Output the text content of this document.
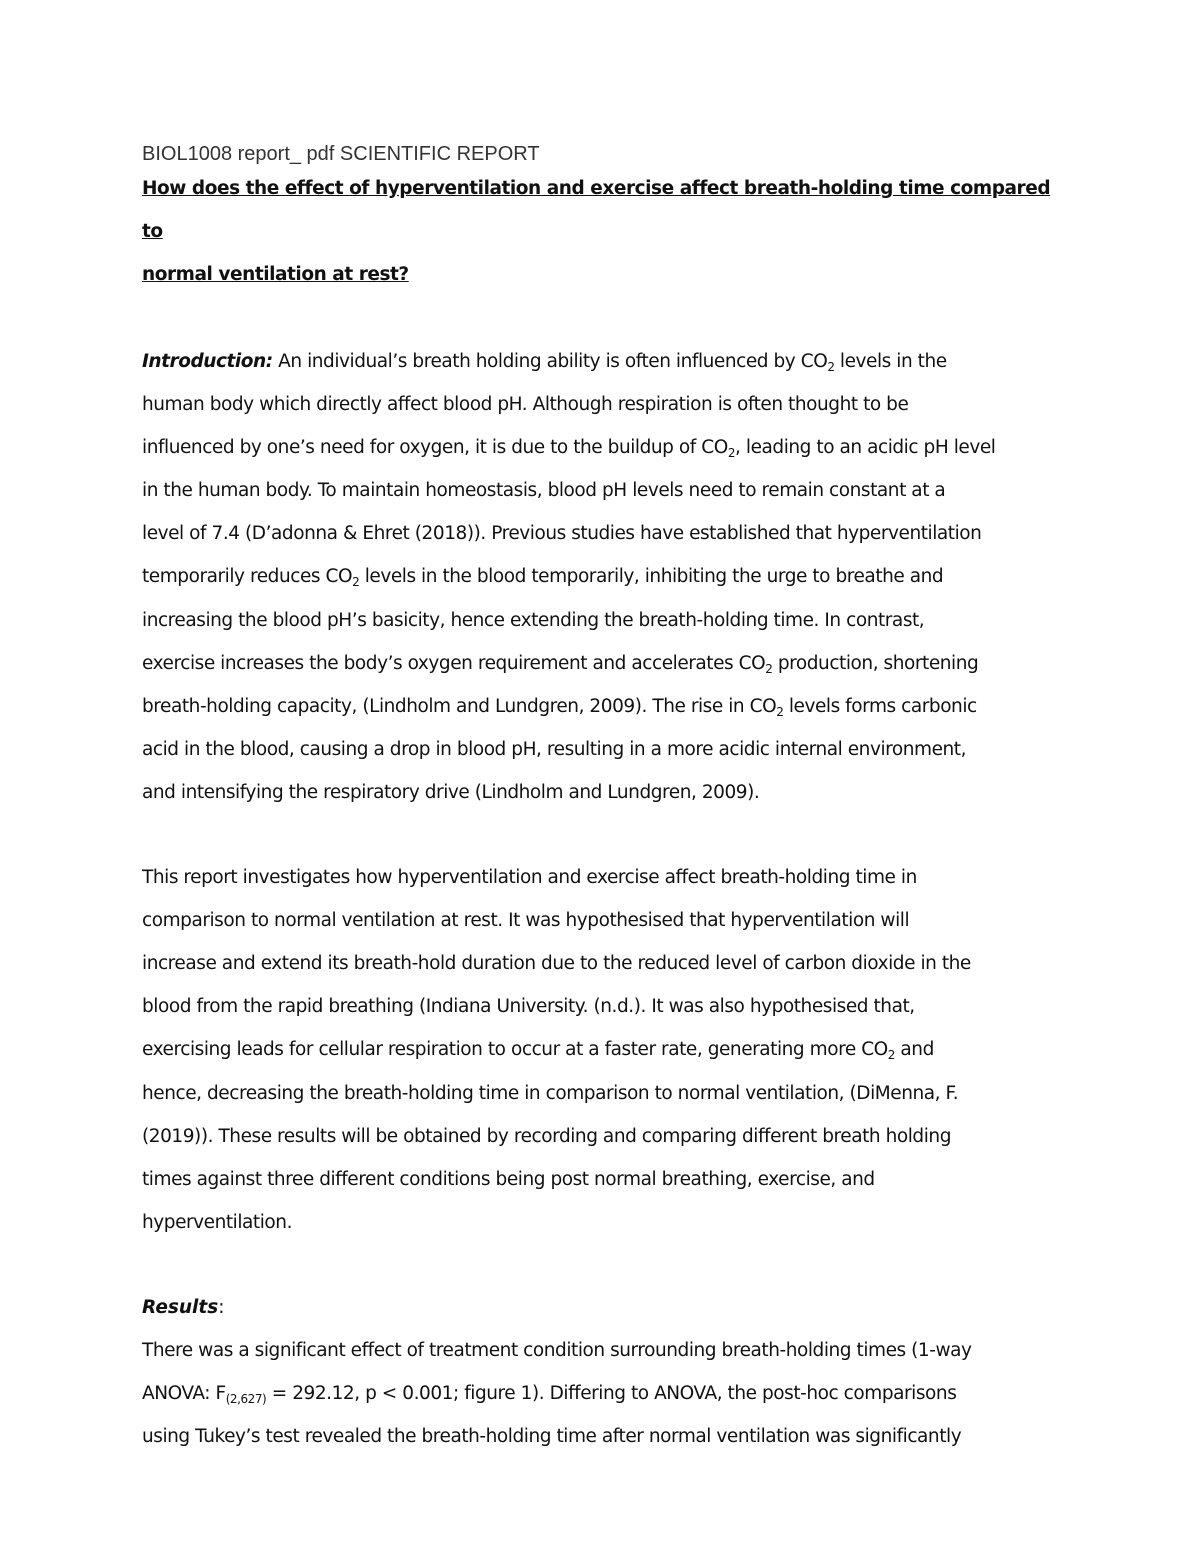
BIOL1008 report_ pdf SCIENTIFIC REPORT

How does the effect of hyperventilation and exercise affect breath-holding time compared to

normal ventilation at rest?

Introduction: An individual’s breath holding ability is often influenced by $CO_2$ levels in the

human body which directly affect blood pH. Although respiration is often thought to be

influenced by one’s need for oxygen, it is due to the buildup of $CO_2$, leading to an acidic pH level

in the human body. To maintain homeostasis, blood pH levels need to remain constant at a

level of 7.4 (D’adonna & Ehret (2018)). Previous studies have established that hyperventilation

temporarily reduces $CO_2$ levels in the blood temporarily, inhibiting the urge to breathe and

increasing the blood pH’s basicity, hence extending the breath-holding time. In contrast,

exercise increases the body’s oxygen requirement and accelerates $CO_2$ production, shortening

breath-holding capacity, (Lindholm and Lundgren, 2009). The rise in $CO_2$ levels forms carbonic

acid in the blood, causing a drop in blood pH, resulting in a more acidic internal environment,

and intensifying the respiratory drive (Lindholm and Lundgren, 2009).

This report investigates how hyperventilation and exercise affect breath-holding time in

comparison to normal ventilation at rest. It was hypothesised that hyperventilation will

increase and extend its breath-hold duration due to the reduced level of carbon dioxide in the

blood from the rapid breathing (Indiana University. (n.d.). It was also hypothesised that,

exercising leads for cellular respiration to occur at a faster rate, generating more $CO_2$ and

hence, decreasing the breath-holding time in comparison to normal ventilation, (DiMenna, F.

(2019)). These results will be obtained by recording and comparing different breath holding

times against three different conditions being post normal breathing, exercise, and

hyperventilation.

Results:

There was a significant effect of treatment condition surrounding breath-holding times (1-way

ANOVA: $F_{(2,627)} = 292.12$, p < 0.001; figure 1). Differing to ANOVA, the post-hoc comparisons

using Tukey’s test revealed the breath-holding time after normal ventilation was significantly
